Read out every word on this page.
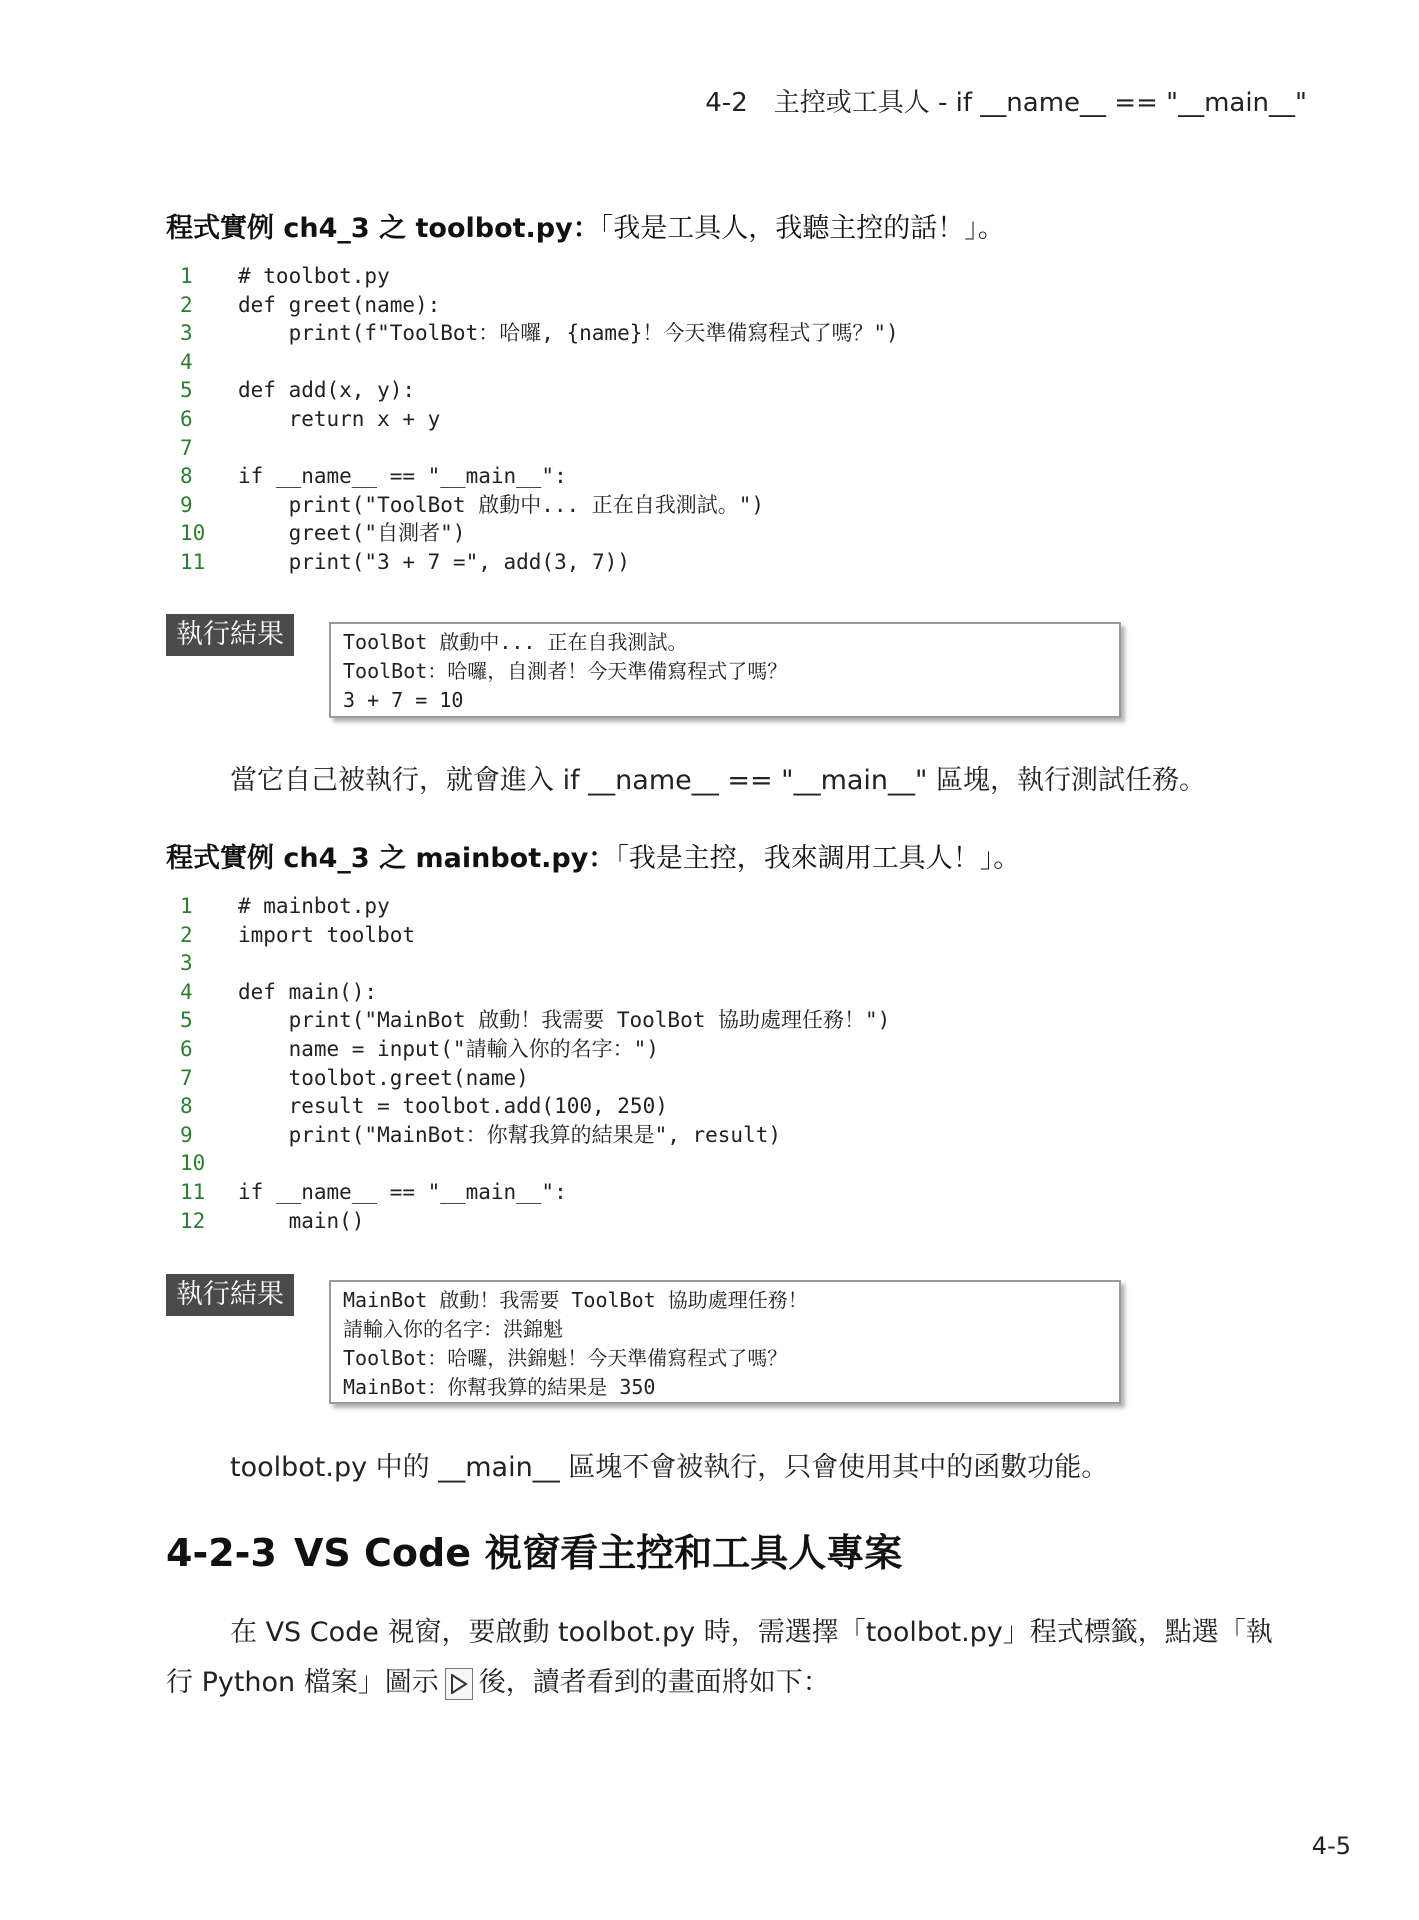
4-2　主控或工具人 - if __name__ == "__main__"
程式實例 ch4_3 之 toolbot.py：「我是工具人，我聽主控的話！」。
1	# toolbot.py
2	def greet(name):
3	print(f"ToolBot：哈囉, {name}！今天準備寫程式了嗎？")
4
5	def add(x, y):
6	return x + y
7
8	if __name__ == "__main__":
9	print("ToolBot 啟動中... 正在自我測試。")
10	greet("自測者")
11	print("3 + 7 =", add(3, 7))
執行結果	ToolBot 啟動中... 正在自我測試。
ToolBot：哈囉，自測者！今天準備寫程式了嗎？
3 + 7 = 10
當它自己被執行，就會進入 if __name__ == "__main__" 區塊，執行測試任務。
程式實例 ch4_3 之 mainbot.py：「我是主控，我來調用工具人！」。
1	# mainbot.py
2	import toolbot
3
4	def main():
5	print("MainBot 啟動！我需要 ToolBot 協助處理任務！")
6	name = input("請輸入你的名字：")
7	toolbot.greet(name)
8	result = toolbot.add(100, 250)
9	print("MainBot：你幫我算的結果是", result)
10
11	if __name__ == "__main__":
12	main()
執行結果	MainBot 啟動！我需要 ToolBot 協助處理任務！
請輸入你的名字：洪錦魁
ToolBot：哈囉，洪錦魁！今天準備寫程式了嗎？
MainBot：你幫我算的結果是 350
toolbot.py 中的 __main__ 區塊不會被執行，只會使用其中的函數功能。
4-2-3 VS Code 視窗看主控和工具人專案
在 VS Code 視窗，要啟動 toolbot.py 時，需選擇「toolbot.py」程式標籤，點選「執
行 Python 檔案」圖示 後，讀者看到的畫面將如下：
4-5
